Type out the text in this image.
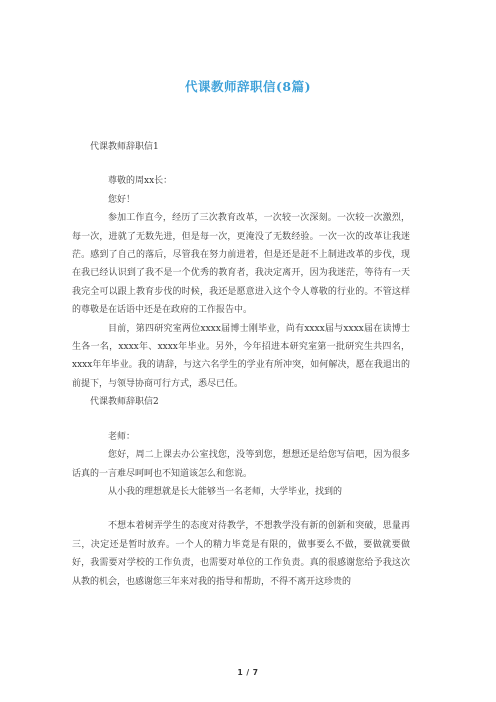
代课教师辞职信(8篇)

代课教师辞职信1

尊敬的周xx长：

您好！

参加工作直今，经历了三次教育改革，一次较一次深刻。一次较一次激烈，每一次，进就了无数先进，但是每一次，更淹没了无数经验。一次一次的改革让我迷茫。感到了自己的落后，尽管我在努力前进着，但是还是赶不上制进改革的步伐，现在我已经认识到了我不是一个优秀的教育者，我决定离开，因为我迷茫，等待有一天我完全可以跟上教育步伐的时候，我还是愿意进入这个令人尊敬的行业的。不管这样的尊敬是在话语中还是在政府的工作报告中。

目前，第四研究室两位xxxx届博士刚毕业，尚有xxxx届与xxxx届在读博士生各一名，xxxx年、xxxx年毕业。另外，今年招进本研究室第一批研究生共四名，xxxx年年毕业。我的请辞，与这六名学生的学业有所冲突，如何解决，愿在我退出的前提下，与领导协商可行方式，悉尽已任。

代课教师辞职信2

老师：

您好，周二上课去办公室找您，没等到您，想想还是给您写信吧，因为很多话真的一言难尽呵呵也不知道该怎么和您说。

从小我的理想就是长大能够当一名老师，大学毕业，找到的

不想本着树弄学生的态度对待教学，不想教学没有新的创新和突破，思量再三，决定还是暂时放弃。一个人的精力毕竟是有限的，做事要么不做，要做就要做好，我需要对学校的工作负责，也需要对单位的工作负责。真的很感谢您给予我这次从教的机会，也感谢您三年来对我的指导和帮助，不得不离开这珍贵的

1 / 7
